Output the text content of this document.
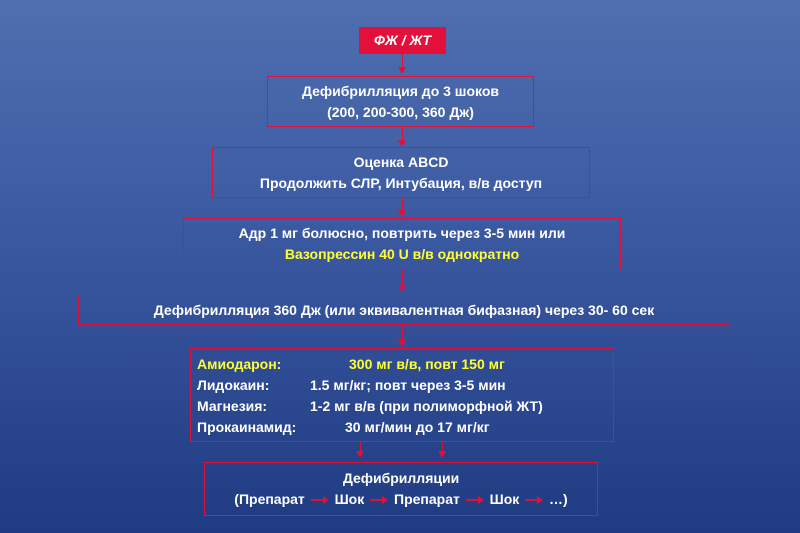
ФЖ / ЖТ
Дефибрилляция до 3 шоков
(200, 200-300, 360 Дж)
Оценка ABCD
Продолжить СЛР, Интубация, в/в доступ
Адр 1 мг болюсно, повтрить через 3-5 мин или
Вазопрессин 40 U в/в однократно
Дефибрилляция 360 Дж (или эквивалентная бифазная) через 30- 60 сек
Амиодарон:	300 мг в/в, повт 150 мг
Лидокаин:	1.5 мг/кг; повт через 3-5 мин
Магнезия:	1-2 мг в/в (при полиморфной ЖТ)
Прокаинамид:	30 мг/мин до 17 мг/кг
Дефибрилляции
(Препарат Шок Препарат Шок …)
